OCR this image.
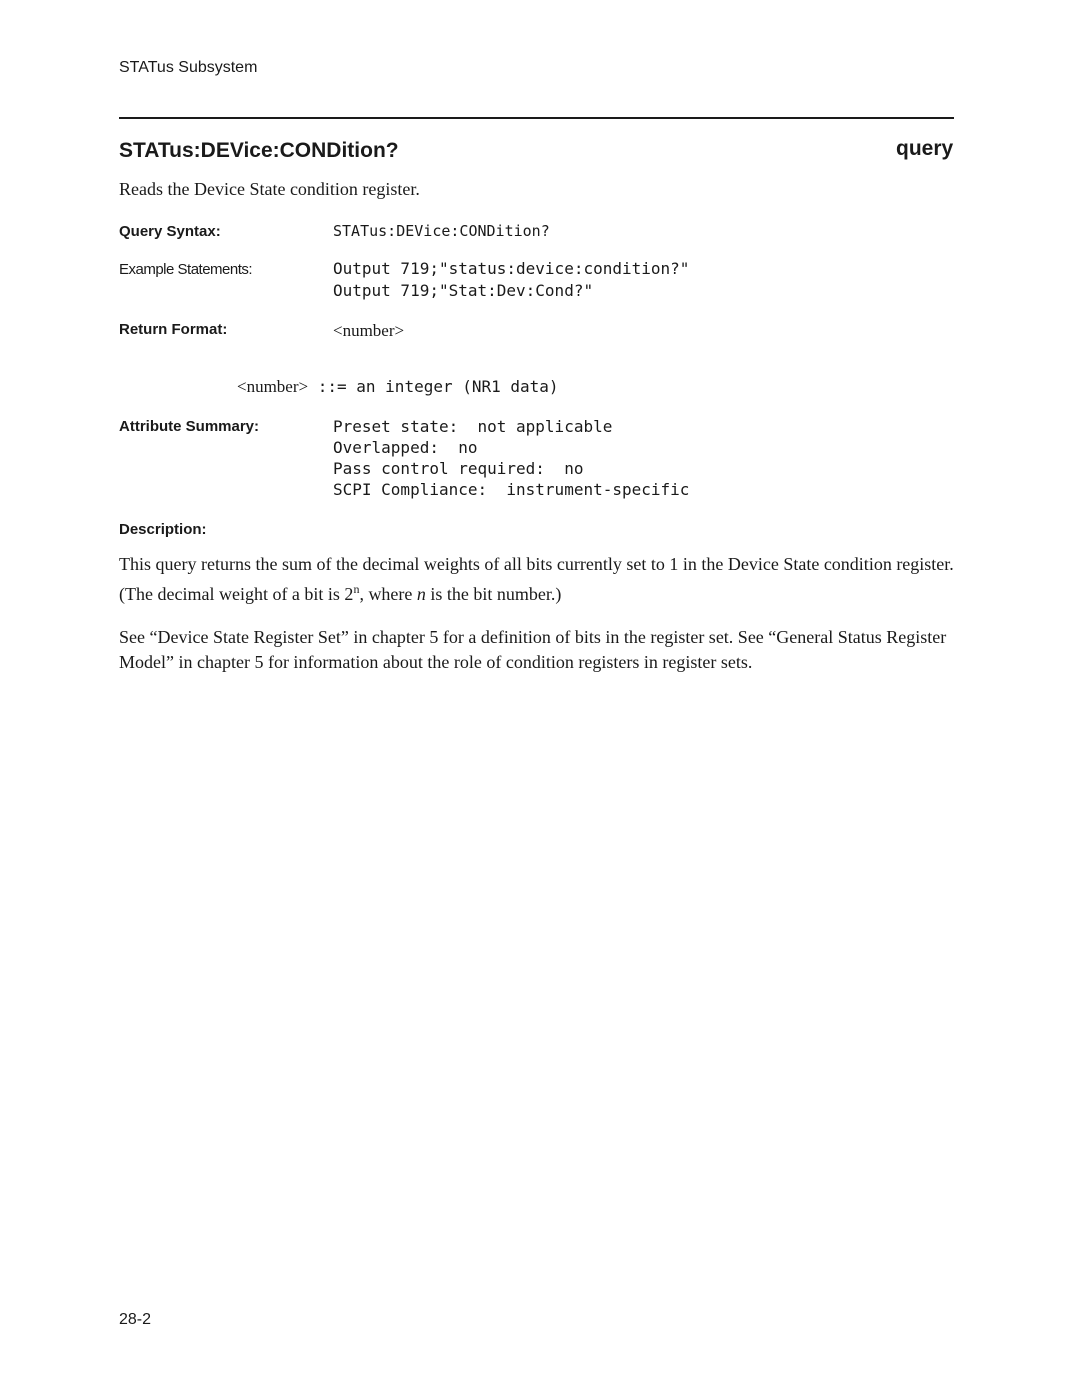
STATus Subsystem
STATus:DEVice:CONDition?	query
Reads the Device State condition register.
Query Syntax:	STATus:DEVice:CONDition?
Example Statements:	Output 719;"status:device:condition?"
Output 719;"Stat:Dev:Cond?"
Return Format:	<number>
<number> ::= an integer (NR1 data)
Attribute Summary:	Preset state:  not applicable
Overlapped:  no
Pass control required:  no
SCPI Compliance:  instrument-specific
Description:
This query returns the sum of the decimal weights of all bits currently set to 1 in the Device State condition register. (The decimal weight of a bit is 2$^n$, where n is the bit number.)
See “Device State Register Set” in chapter 5 for a definition of bits in the register set. See “General Status Register Model” in chapter 5 for information about the role of condition registers in register sets.
28-2
